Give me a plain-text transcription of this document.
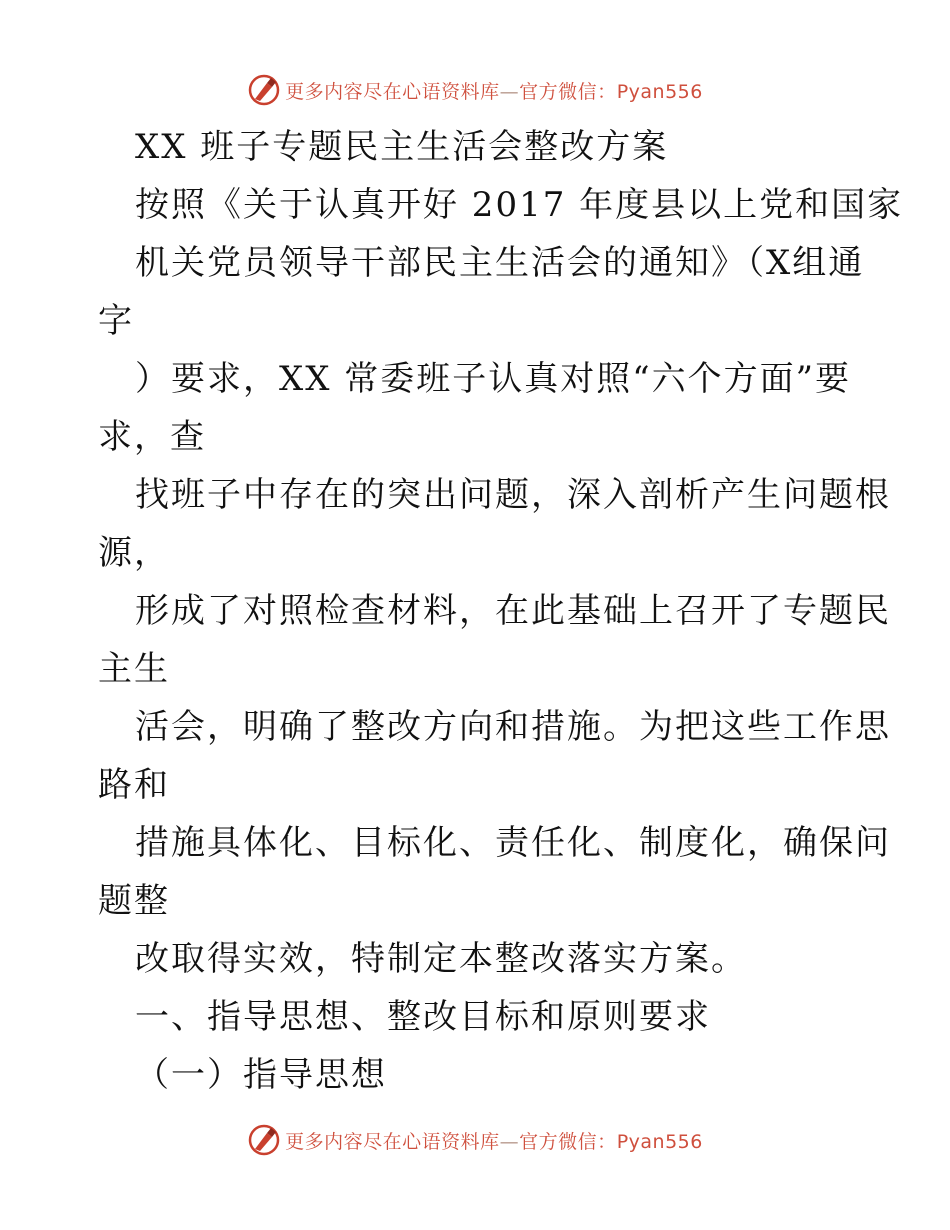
更多内容尽在心语资料库—官方微信：Pyan556
XX 班子专题民主生活会整改方案
按照《关于认真开好 2017 年度县以上党和国家
机关党员领导干部民主生活会的通知》（X组通
字
）要求，XX 常委班子认真对照“六个方面”要
求，查
找班子中存在的突出问题，深入剖析产生问题根
源，
形成了对照检查材料，在此基础上召开了专题民
主生
活会，明确了整改方向和措施。为把这些工作思
路和
措施具体化、目标化、责任化、制度化，确保问
题整
改取得实效，特制定本整改落实方案。
一、指导思想、整改目标和原则要求
（一）指导思想
更多内容尽在心语资料库—官方微信：Pyan556
